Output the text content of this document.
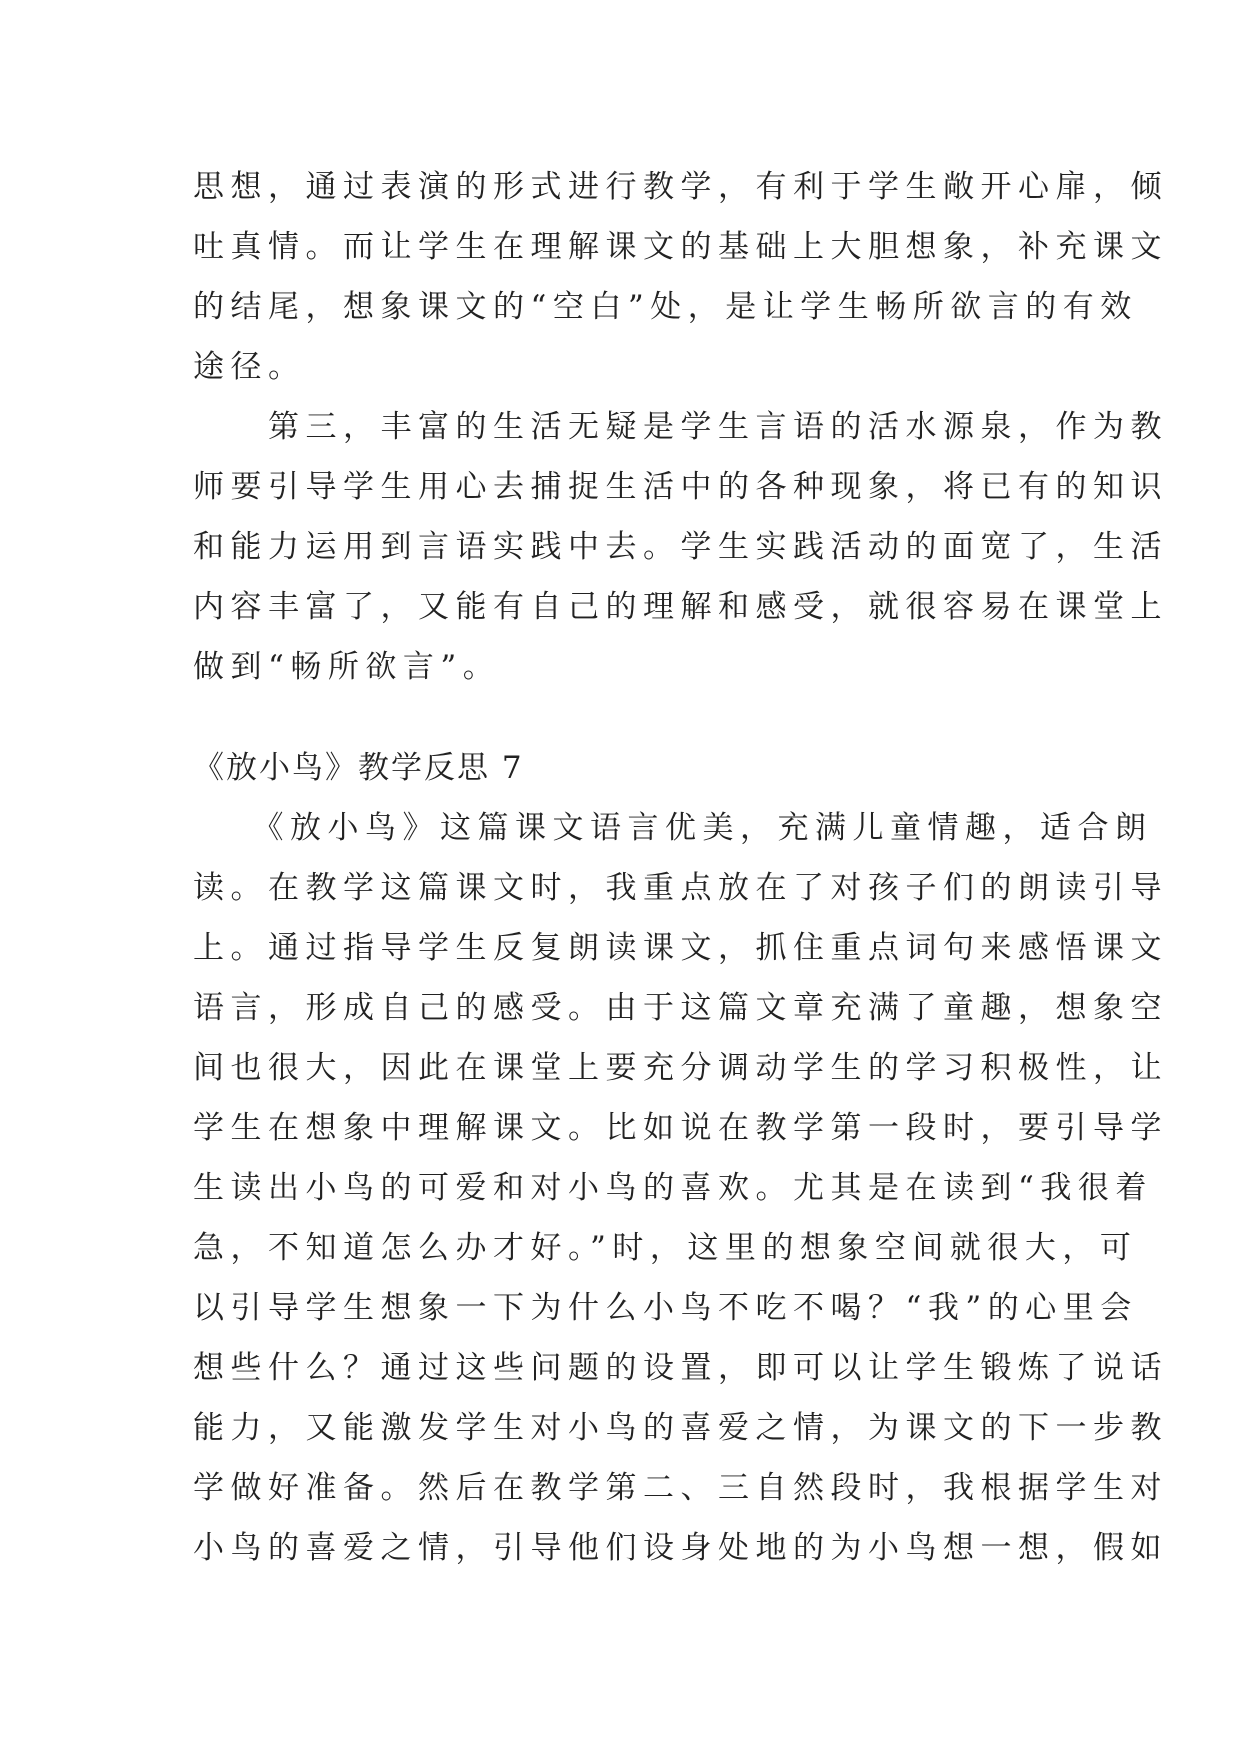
思想，通过表演的形式进行教学，有利于学生敞开心扉，倾
吐真情。而让学生在理解课文的基础上大胆想象，补充课文
的结尾，想象课文的“空白”处，是让学生畅所欲言的有效
途径。
　　第三，丰富的生活无疑是学生言语的活水源泉，作为教
师要引导学生用心去捕捉生活中的各种现象，将已有的知识
和能力运用到言语实践中去。学生实践活动的面宽了，生活
内容丰富了，又能有自己的理解和感受，就很容易在课堂上
做到“畅所欲言”。
《放小鸟》教学反思 7
　　《放小鸟》这篇课文语言优美，充满儿童情趣，适合朗
读。在教学这篇课文时，我重点放在了对孩子们的朗读引导
上。通过指导学生反复朗读课文，抓住重点词句来感悟课文
语言，形成自己的感受。由于这篇文章充满了童趣，想象空
间也很大，因此在课堂上要充分调动学生的学习积极性，让
学生在想象中理解课文。比如说在教学第一段时，要引导学
生读出小鸟的可爱和对小鸟的喜欢。尤其是在读到“我很着
急，不知道怎么办才好。”时，这里的想象空间就很大，可
以引导学生想象一下为什么小鸟不吃不喝？“我”的心里会
想些什么？通过这些问题的设置，即可以让学生锻炼了说话
能力，又能激发学生对小鸟的喜爱之情，为课文的下一步教
学做好准备。然后在教学第二、三自然段时，我根据学生对
小鸟的喜爱之情，引导他们设身处地的为小鸟想一想，假如
